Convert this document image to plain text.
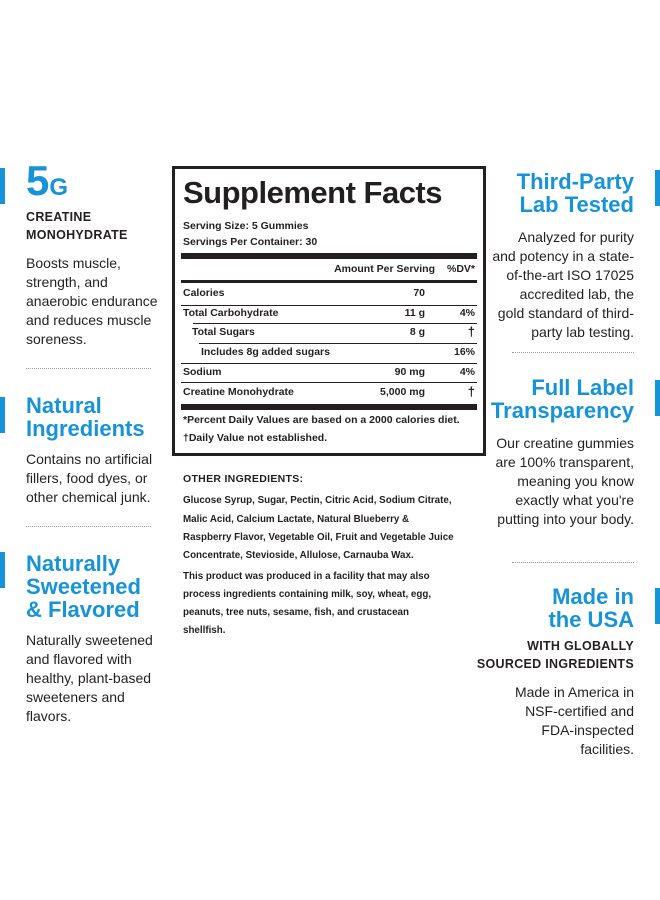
5G
CREATINE
MONOHYDRATE
Boosts muscle, strength, and anaerobic endurance and reduces muscle soreness.
Natural
Ingredients
Contains no artificial fillers, food dyes, or other chemical junk.
Naturally
Sweetened
& Flavored
Naturally sweetened and flavored with healthy, plant-based sweeteners and flavors.
Third-Party
Lab Tested
Analyzed for purity and potency in a state-of-the-art ISO 17025 accredited lab, the gold standard of third-party lab testing.
Full Label
Transparency
Our creatine gummies are 100% transparent, meaning you know exactly what you're putting into your body.
Made in
the USA
WITH GLOBALLY
SOURCED INGREDIENTS
Made in America in NSF-certified and FDA-inspected facilities.
Supplement Facts
Serving Size: 5 Gummies
Servings Per Container: 30
Amount Per Serving %DV*
Calories	70
Total Carbohydrate	11 g	4%
Total Sugars	8 g	†
Includes 8g added sugars	16%
Sodium	90 mg	4%
Creatine Monohydrate	5,000 mg	†
*Percent Daily Values are based on a 2000 calories diet.
†Daily Value not established.
OTHER INGREDIENTS:
Glucose Syrup, Sugar, Pectin, Citric Acid, Sodium Citrate,
Malic Acid, Calcium Lactate, Natural Blueberry &
Raspberry Flavor, Vegetable Oil, Fruit and Vegetable Juice
Concentrate, Stevioside, Allulose, Carnauba Wax.
This product was produced in a facility that may also
process ingredients containing milk, soy, wheat, egg,
peanuts, tree nuts, sesame, fish, and crustacean
shellfish.
